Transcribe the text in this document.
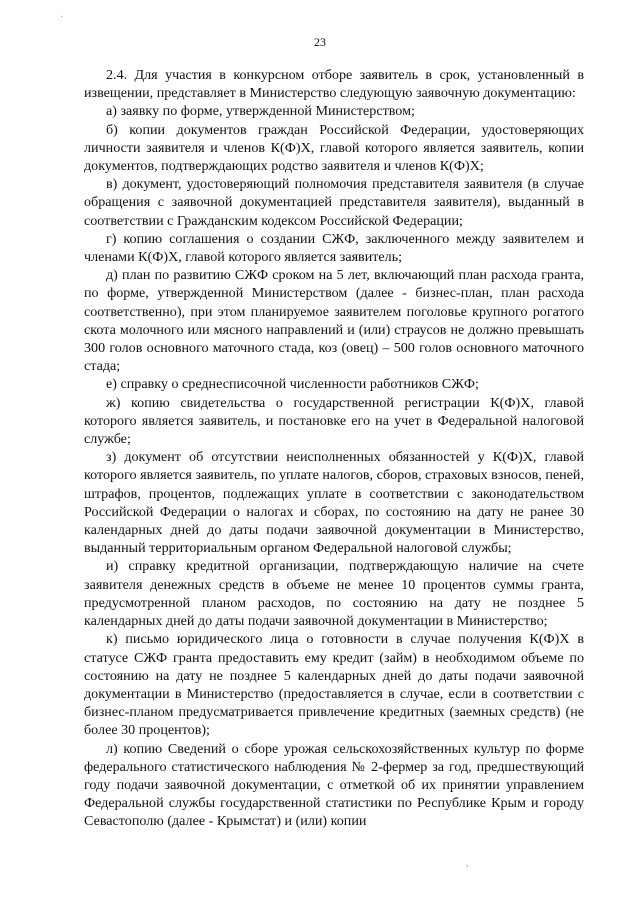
·
,
23

2.4. Для участия в конкурсном отборе заявитель в срок, установленный в извещении, представляет в Министерство следующую заявочную документацию:

а) заявку по форме, утвержденной Министерством;

б) копии документов граждан Российской Федерации, удостоверяющих личности заявителя и членов К(Ф)Х, главой которого является заявитель, копии документов, подтверждающих родство заявителя и членов К(Ф)Х;

в) документ, удостоверяющий полномочия представителя заявителя (в случае обращения с заявочной документацией представителя заявителя), выданный в соответствии с Гражданским кодексом Российской Федерации;

г) копию соглашения о создании СЖФ, заключенного между заявителем и членами К(Ф)Х, главой которого является заявитель;

д) план по развитию СЖФ сроком на 5 лет, включающий план расхода гранта, по форме, утвержденной Министерством (далее - бизнес-план, план расхода соответственно), при этом планируемое заявителем поголовье крупного рогатого скота молочного или мясного направлений и (или) страусов не должно превышать 300 голов основного маточного стада, коз (овец) – 500 голов основного маточного стада;

е) справку о среднесписочной численности работников СЖФ;

ж) копию свидетельства о государственной регистрации К(Ф)Х, главой которого является заявитель, и постановке его на учет в Федеральной налоговой службе;

з) документ об отсутствии неисполненных обязанностей у К(Ф)Х, главой которого является заявитель, по уплате налогов, сборов, страховых взносов, пеней, штрафов, процентов, подлежащих уплате в соответствии с законодательством Российской Федерации о налогах и сборах, по состоянию на дату не ранее 30 календарных дней до даты подачи заявочной документации в Министерство, выданный территориальным органом Федеральной налоговой службы;

и) справку кредитной организации, подтверждающую наличие на счете заявителя денежных средств в объеме не менее 10 процентов суммы гранта, предусмотренной планом расходов, по состоянию на дату не позднее 5 календарных дней до даты подачи заявочной документации в Министерство;

к) письмо юридического лица о готовности в случае получения К(Ф)Х в статусе СЖФ гранта предоставить ему кредит (займ) в необходимом объеме по состоянию на дату не позднее 5 календарных дней до даты подачи заявочной документации в Министерство (предоставляется в случае, если в соответствии с бизнес-планом предусматривается привлечение кредитных (заемных средств) (не более 30 процентов);

л) копию Сведений о сборе урожая сельскохозяйственных культур по форме федерального статистического наблюдения № 2-фермер за год, предшествующий году подачи заявочной документации, с отметкой об их принятии управлением Федеральной службы государственной статистики по Республике Крым и городу Севастополю (далее - Крымстат) и (или) копии
